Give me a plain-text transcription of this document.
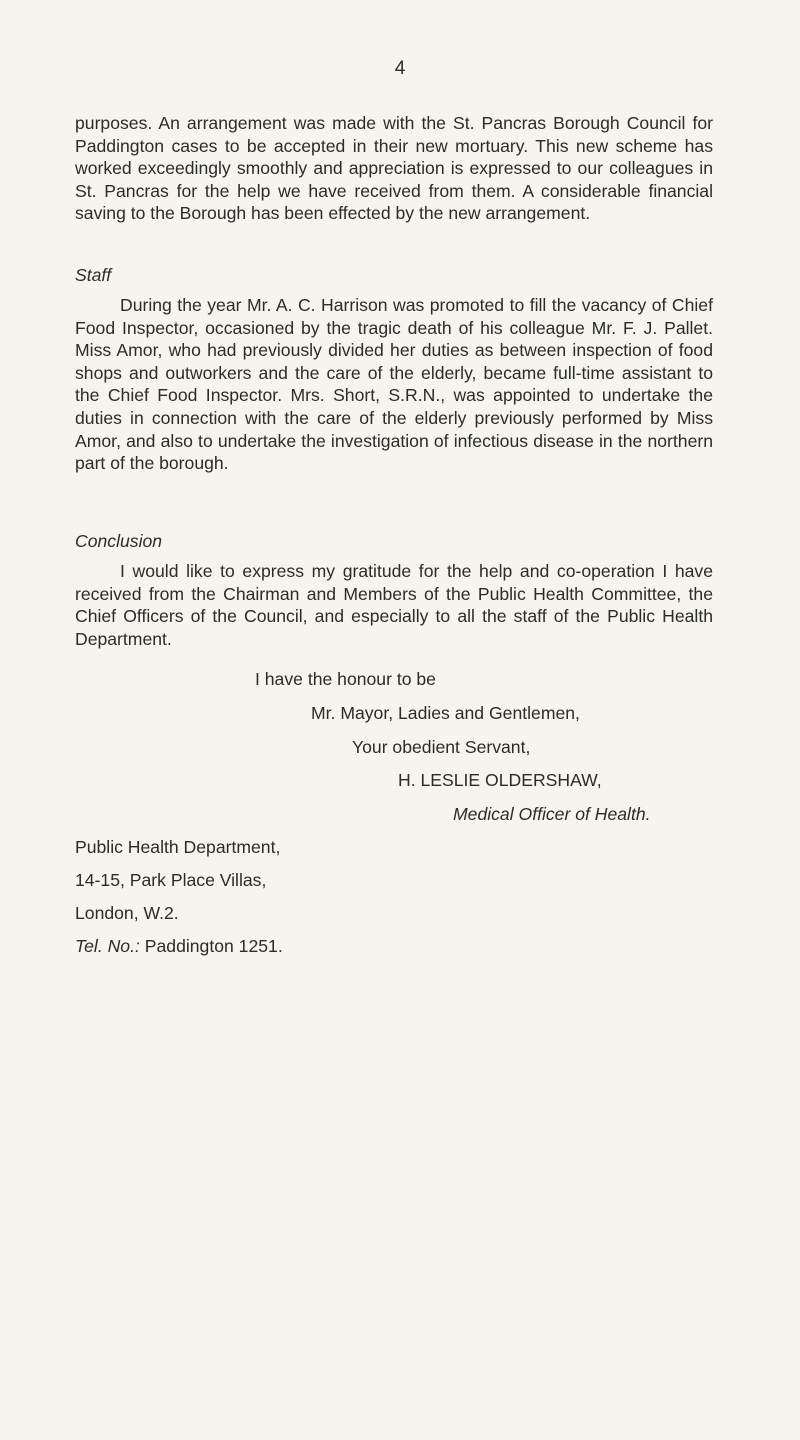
4

purposes. An arrangement was made with the St. Pancras Borough Council for Paddington cases to be accepted in their new mortuary. This new scheme has worked exceedingly smoothly and appreciation is expressed to our colleagues in St. Pancras for the help we have received from them. A considerable financial saving to the Borough has been effected by the new arrangement.

Staff

During the year Mr. A. C. Harrison was promoted to fill the vacancy of Chief Food Inspector, occasioned by the tragic death of his colleague Mr. F. J. Pallet. Miss Amor, who had previously divided her duties as between inspection of food shops and outworkers and the care of the elderly, became full-time assistant to the Chief Food Inspector. Mrs. Short, S.R.N., was appointed to undertake the duties in connection with the care of the elderly previously performed by Miss Amor, and also to undertake the investigation of infectious disease in the northern part of the borough.

Conclusion

I would like to express my gratitude for the help and co-operation I have received from the Chairman and Members of the Public Health Committee, the Chief Officers of the Council, and especially to all the staff of the Public Health Department.

I have the honour to be

Mr. Mayor, Ladies and Gentlemen,

Your obedient Servant,

H. LESLIE OLDERSHAW,

Medical Officer of Health.

Public Health Department,

14-15, Park Place Villas,

London, W.2.

Tel. No.: Paddington 1251.
